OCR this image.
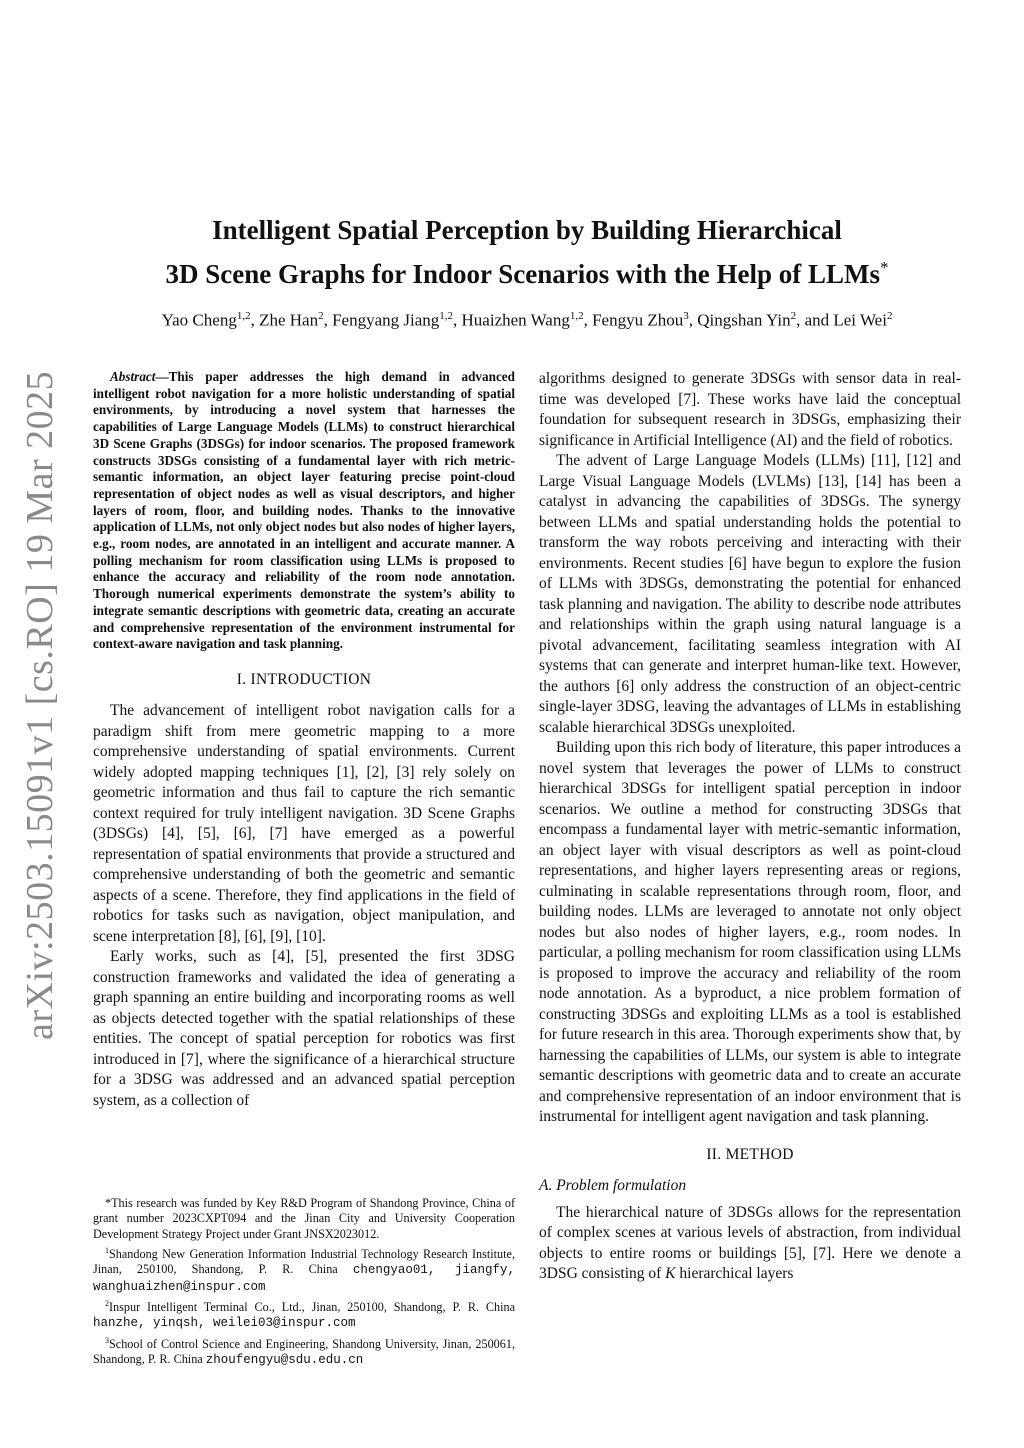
arXiv:2503.15091v1 [cs.RO] 19 Mar 2025
Intelligent Spatial Perception by Building Hierarchical
3D Scene Graphs for Indoor Scenarios with the Help of LLMs*
Yao Cheng$^{1,2}$, Zhe Han$^2$, Fengyang Jiang$^{1,2}$, Huaizhen Wang$^{1,2}$, Fengyu Zhou$^3$, Qingshan Yin$^2$, and Lei Wei$^2$

Abstract—This paper addresses the high demand in advanced intelligent robot navigation for a more holistic understanding of spatial environments, by introducing a novel system that harnesses the capabilities of Large Language Models (LLMs) to construct hierarchical 3D Scene Graphs (3DSGs) for indoor scenarios. The proposed framework constructs 3DSGs consisting of a fundamental layer with rich metric-semantic information, an object layer featuring precise point-cloud representation of object nodes as well as visual descriptors, and higher layers of room, floor, and building nodes. Thanks to the innovative application of LLMs, not only object nodes but also nodes of higher layers, e.g., room nodes, are annotated in an intelligent and accurate manner. A polling mechanism for room classification using LLMs is proposed to enhance the accuracy and reliability of the room node annotation. Thorough numerical experiments demonstrate the system’s ability to integrate semantic descriptions with geometric data, creating an accurate and comprehensive representation of the environment instrumental for context-aware navigation and task planning.

I. INTRODUCTION

The advancement of intelligent robot navigation calls for a paradigm shift from mere geometric mapping to a more comprehensive understanding of spatial environments. Current widely adopted mapping techniques [1], [2], [3] rely solely on geometric information and thus fail to capture the rich semantic context required for truly intelligent navigation. 3D Scene Graphs (3DSGs) [4], [5], [6], [7] have emerged as a powerful representation of spatial environments that provide a structured and comprehensive understanding of both the geometric and semantic aspects of a scene. Therefore, they find applications in the field of robotics for tasks such as navigation, object manipulation, and scene interpretation [8], [6], [9], [10].

Early works, such as [4], [5], presented the first 3DSG construction frameworks and validated the idea of generating a graph spanning an entire building and incorporating rooms as well as objects detected together with the spatial relationships of these entities. The concept of spatial perception for robotics was first introduced in [7], where the significance of a hierarchical structure for a 3DSG was addressed and an advanced spatial perception system, as a collection of

*This research was funded by Key R&D Program of Shandong Province, China of grant number 2023CXPT094 and the Jinan City and University Cooperation Development Strategy Project under Grant JNSX2023012.

$^1$Shandong New Generation Information Industrial Technology Research Institute, Jinan, 250100, Shandong, P. R. China chengyao01, jiangfy, wanghuaizhen@inspur.com

$^2$Inspur Intelligent Terminal Co., Ltd., Jinan, 250100, Shandong, P. R. China hanzhe, yinqsh, weilei03@inspur.com

$^3$School of Control Science and Engineering, Shandong University, Jinan, 250061, Shandong, P. R. China zhoufengyu@sdu.edu.cn

algorithms designed to generate 3DSGs with sensor data in real-time was developed [7]. These works have laid the conceptual foundation for subsequent research in 3DSGs, emphasizing their significance in Artificial Intelligence (AI) and the field of robotics.

The advent of Large Language Models (LLMs) [11], [12] and Large Visual Language Models (LVLMs) [13], [14] has been a catalyst in advancing the capabilities of 3DSGs. The synergy between LLMs and spatial understanding holds the potential to transform the way robots perceiving and interacting with their environments. Recent studies [6] have begun to explore the fusion of LLMs with 3DSGs, demonstrating the potential for enhanced task planning and navigation. The ability to describe node attributes and relationships within the graph using natural language is a pivotal advancement, facilitating seamless integration with AI systems that can generate and interpret human-like text. However, the authors [6] only address the construction of an object-centric single-layer 3DSG, leaving the advantages of LLMs in establishing scalable hierarchical 3DSGs unexploited.

Building upon this rich body of literature, this paper introduces a novel system that leverages the power of LLMs to construct hierarchical 3DSGs for intelligent spatial perception in indoor scenarios. We outline a method for constructing 3DSGs that encompass a fundamental layer with metric-semantic information, an object layer with visual descriptors as well as point-cloud representations, and higher layers representing areas or regions, culminating in scalable representations through room, floor, and building nodes. LLMs are leveraged to annotate not only object nodes but also nodes of higher layers, e.g., room nodes. In particular, a polling mechanism for room classification using LLMs is proposed to improve the accuracy and reliability of the room node annotation. As a byproduct, a nice problem formation of constructing 3DSGs and exploiting LLMs as a tool is established for future research in this area. Thorough experiments show that, by harnessing the capabilities of LLMs, our system is able to integrate semantic descriptions with geometric data and to create an accurate and comprehensive representation of an indoor environment that is instrumental for intelligent agent navigation and task planning.

II. METHOD
A. Problem formulation

The hierarchical nature of 3DSGs allows for the representation of complex scenes at various levels of abstraction, from individual objects to entire rooms or buildings [5], [7]. Here we denote a 3DSG consisting of K hierarchical layers
